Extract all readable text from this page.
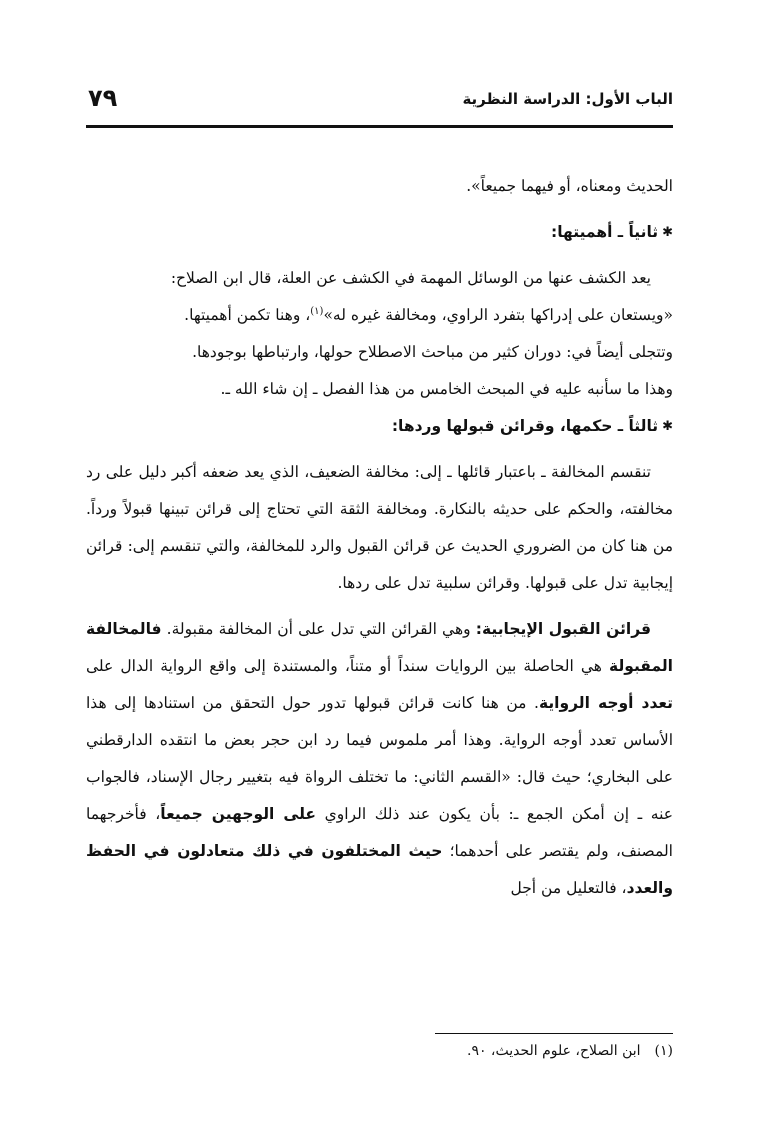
الباب الأول: الدراسة النظرية
٧٩

الحديث ومعناه، أو فيهما جميعاً».

✱ثانياً ـ أهميتها:

يعد الكشف عنها من الوسائل المهمة في الكشف عن العلة، قال ابن الصلاح:

«ويستعان على إدراكها بتفرد الراوي، ومخالفة غيره له»$^{(١)}$، وهنا تكمن أهميتها.

وتتجلى أيضاً في: دوران كثير من مباحث الاصطلاح حولها، وارتباطها بوجودها.

وهذا ما سأنبه عليه في المبحث الخامس من هذا الفصل ـ إن شاء الله ـ.

✱ثالثاً ـ حكمها، وقرائن قبولها وردها:

تنقسم المخالفة ـ باعتبار قائلها ـ إلى: مخالفة الضعيف، الذي يعد ضعفه أكبر دليل على رد مخالفته، والحكم على حديثه بالنكارة. ومخالفة الثقة التي تحتاج إلى قرائن تبينها قبولاً ورداً. من هنا كان من الضروري الحديث عن قرائن القبول والرد للمخالفة، والتي تنقسم إلى: قرائن إيجابية تدل على قبولها. وقرائن سلبية تدل على ردها.

قرائن القبول الإيجابية: وهي القرائن التي تدل على أن المخالفة مقبولة. فالمخالفة المقبولة هي الحاصلة بين الروايات سنداً أو متناً، والمستندة إلى واقع الرواية الدال على تعدد أوجه الرواية. من هنا كانت قرائن قبولها تدور حول التحقق من استنادها إلى هذا الأساس تعدد أوجه الرواية. وهذا أمر ملموس فيما رد ابن حجر بعض ما انتقده الدارقطني على البخاري؛ حيث قال: «القسم الثاني: ما تختلف الرواة فيه بتغيير رجال الإسناد، فالجواب عنه ـ إن أمكن الجمع ـ: بأن يكون عند ذلك الراوي على الوجهين جميعاً، فأخرجهما المصنف، ولم يقتصر على أحدهما؛ حيث المختلفون في ذلك متعادلون في الحفظ والعدد، فالتعليل من أجل

(١)ابن الصلاح، علوم الحديث، ٩٠.
